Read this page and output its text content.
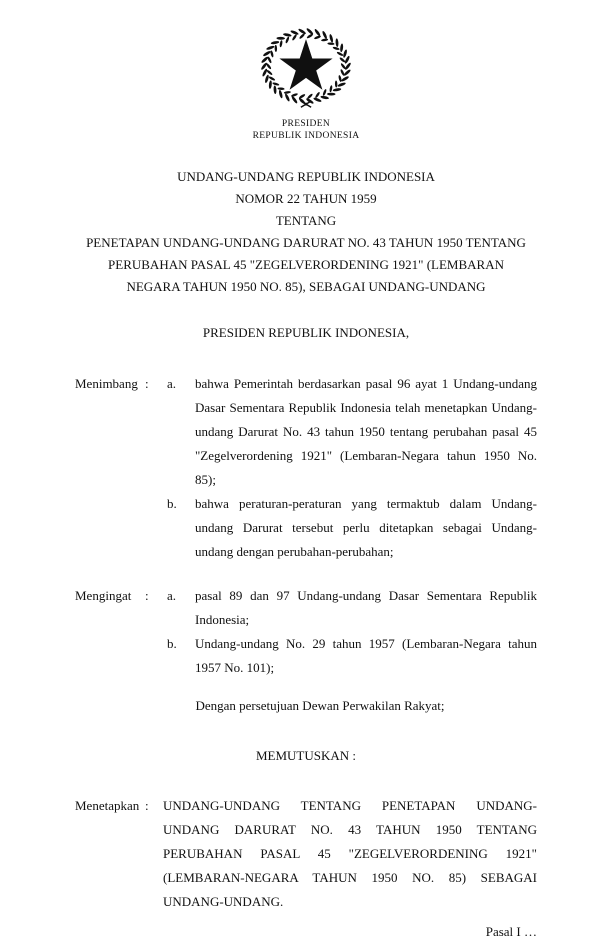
PRESIDEN
REPUBLIK INDONESIA
UNDANG-UNDANG REPUBLIK INDONESIA
NOMOR 22 TAHUN 1959
TENTANG
PENETAPAN UNDANG-UNDANG DARURAT NO. 43 TAHUN 1950 TENTANG
PERUBAHAN PASAL 45 "ZEGELVERORDENING 1921" (LEMBARAN
NEGARA TAHUN 1950 NO. 85), SEBAGAI UNDANG-UNDANG
PRESIDEN REPUBLIK INDONESIA,
Menimbang :	a.	bahwa Pemerintah berdasarkan pasal 96 ayat 1 Undang-undang Dasar Sementara Republik Indonesia telah menetapkan Undang-undang Darurat No. 43 tahun 1950 tentang perubahan pasal 45 "Zegelverordening 1921" (Lembaran-Negara tahun 1950 No. 85);
b.	bahwa peraturan-peraturan yang termaktub dalam Undang- undang Darurat tersebut perlu ditetapkan sebagai Undang- undang dengan perubahan-perubahan;
Mengingat	:	a.	pasal 89 dan 97 Undang-undang Dasar Sementara Republik Indonesia;
b.	Undang-undang No. 29 tahun 1957 (Lembaran-Negara tahun 1957 No. 101);
Dengan persetujuan Dewan Perwakilan Rakyat;
MEMUTUSKAN :
Menetapkan :	UNDANG-UNDANG TENTANG PENETAPAN UNDANG-UNDANG DARURAT NO. 43 TAHUN 1950 TENTANG PERUBAHAN PASAL 45 "ZEGELVERORDENING 1921" (LEMBARAN-NEGARA TAHUN 1950 NO. 85) SEBAGAI UNDANG-UNDANG.
Pasal I …
